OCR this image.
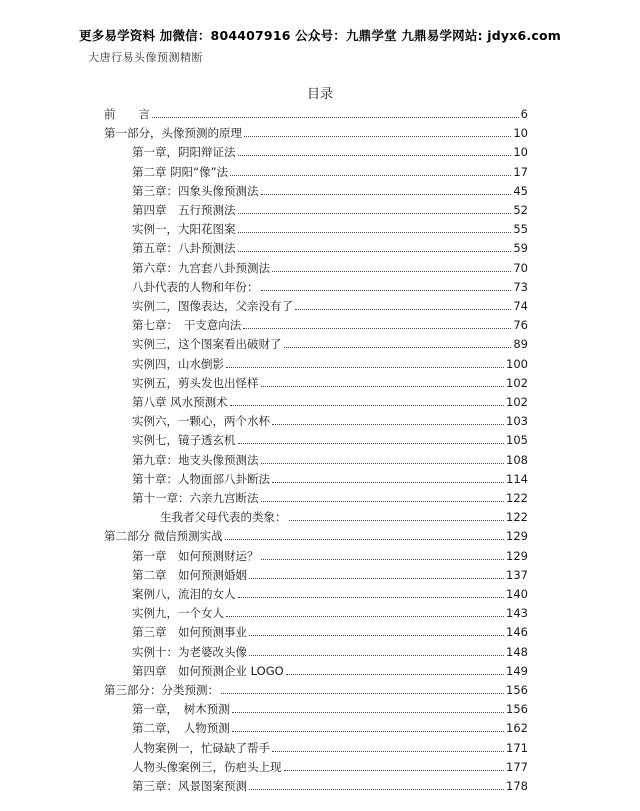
更多易学资料 加微信：804407916 公众号：九鼎学堂 九鼎易学网站: jdyx6.com
大唐行易头像预测精断
目录
前　　言	6
第一部分，头像预测的原理	10
第一章，阴阳辩证法	10
第二章 阴阳“像”法	17
第三章：四象头像预测法	45
第四章　五行预测法	52
实例一，大阳花图案	55
第五章：八卦预测法	59
第六章：九宫套八卦预测法	70
八卦代表的人物和年份：	73
实例二，图像表达，父亲没有了	74
第七章：　干支意向法	76
实例三，这个图案看出破财了	89
实例四，山水倒影	100
实例五，剪头发也出怪样	102
第八章 风水预测术	102
实例六，一颗心，两个水杯	103
实例七，镜子透玄机	105
第九章：地支头像预测法	108
第十章：人物面部八卦断法	114
第十一章：六亲九宫断法	122
生我者父母代表的类象：	122
第二部分 微信预测实战	129
第一章　如何预测财运？	129
第二章　如何预测婚姻	137
案例八，流泪的女人	140
实例九，一个女人	143
第三章　如何预测事业	146
实例十：为老婆改头像	148
第四章　如何预测企业 LOGO	149
第三部分：分类预测：	156
第一章，　树木预测	156
第二章，　人物预测	162
人物案例一，忙碌缺了帮手	171
人物头像案例三，伤疤头上现	177
第三章：风景图案预测	178
